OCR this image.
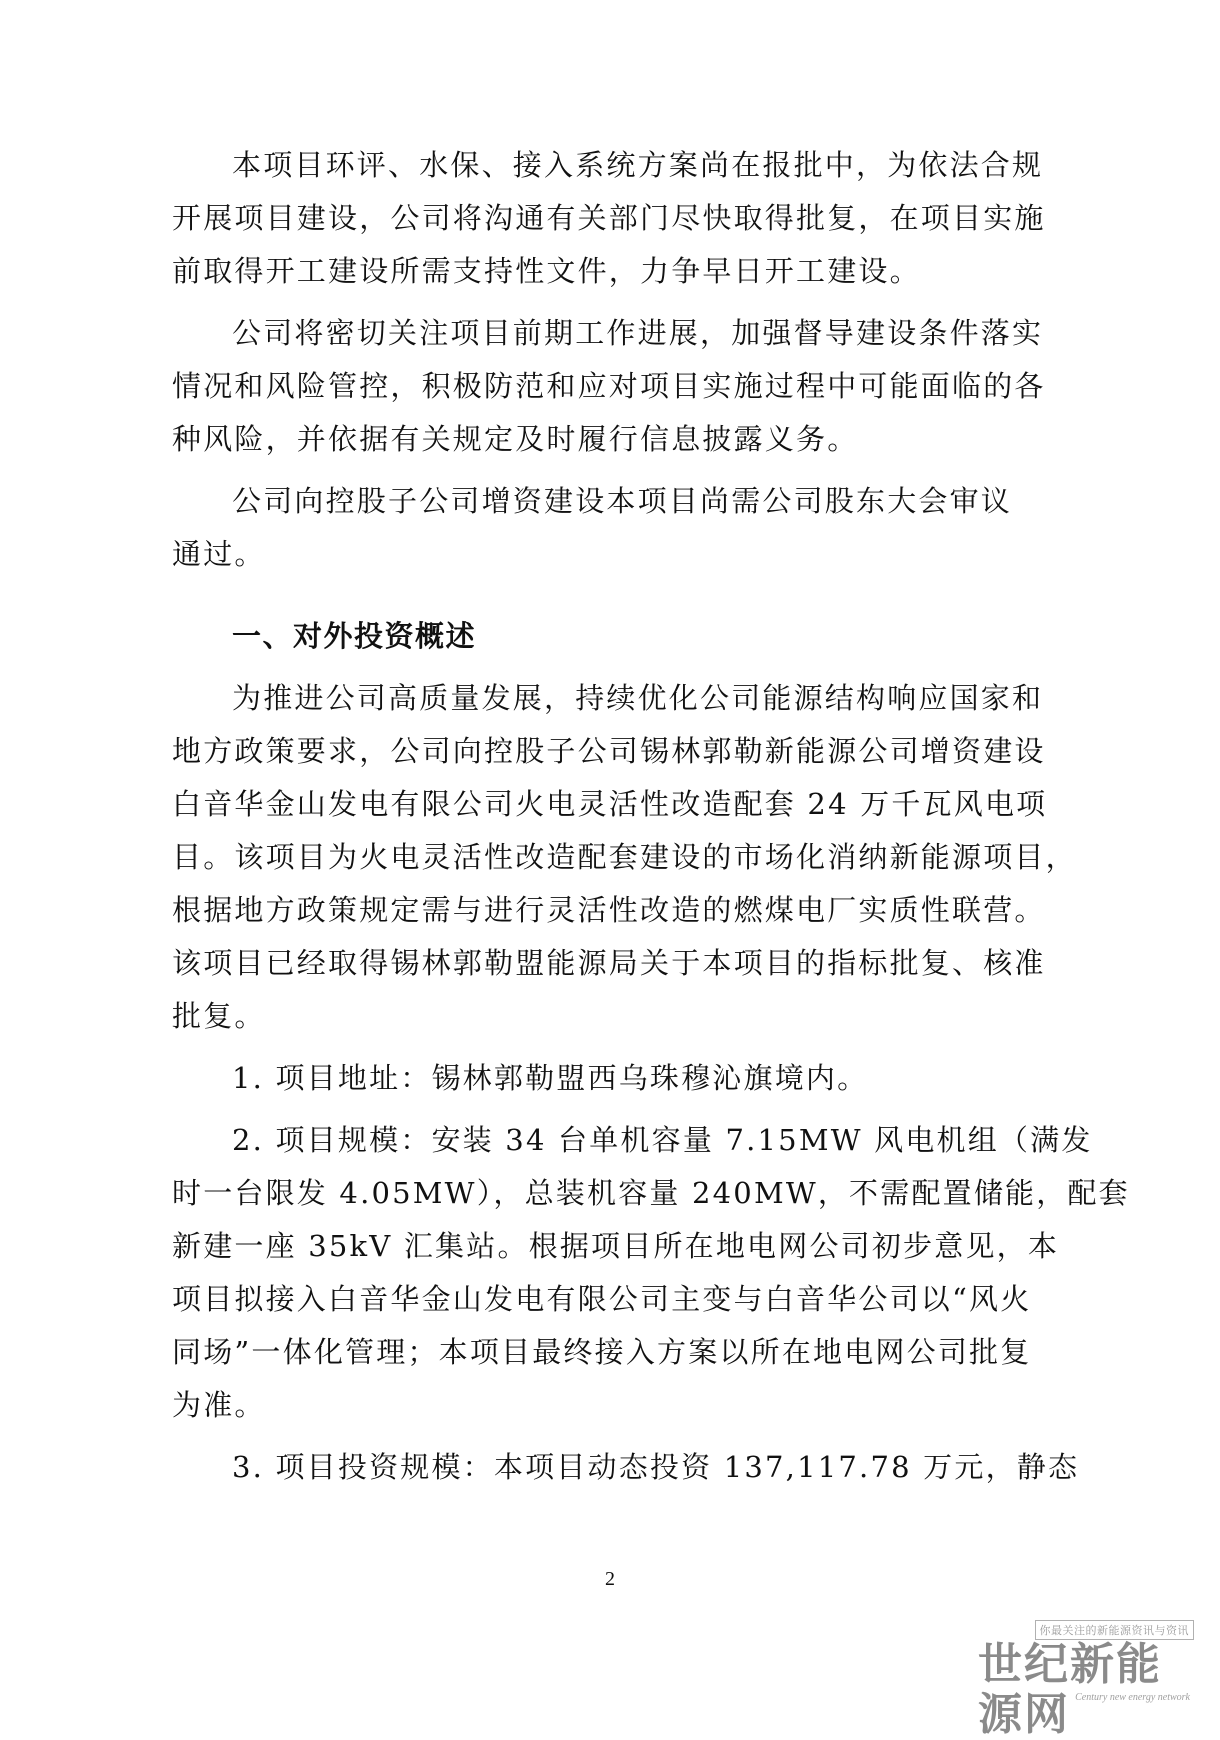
本项目环评、水保、接入系统方案尚在报批中，为依法合规
开展项目建设，公司将沟通有关部门尽快取得批复，在项目实施
前取得开工建设所需支持性文件，力争早日开工建设。
公司将密切关注项目前期工作进展，加强督导建设条件落实
情况和风险管控，积极防范和应对项目实施过程中可能面临的各
种风险，并依据有关规定及时履行信息披露义务。
公司向控股子公司增资建设本项目尚需公司股东大会审议
通过。
一、对外投资概述
为推进公司高质量发展，持续优化公司能源结构响应国家和
地方政策要求，公司向控股子公司锡林郭勒新能源公司增资建设
白音华金山发电有限公司火电灵活性改造配套 24 万千瓦风电项
目。该项目为火电灵活性改造配套建设的市场化消纳新能源项目，
根据地方政策规定需与进行灵活性改造的燃煤电厂实质性联营。
该项目已经取得锡林郭勒盟能源局关于本项目的指标批复、核准
批复。
1. 项目地址：锡林郭勒盟西乌珠穆沁旗境内。
2. 项目规模：安装 34 台单机容量 7.15MW 风电机组（满发
时一台限发 4.05MW），总装机容量 240MW，不需配置储能，配套
新建一座 35kV 汇集站。根据项目所在地电网公司初步意见，本
项目拟接入白音华金山发电有限公司主变与白音华公司以“风火
同场”一体化管理；本项目最终接入方案以所在地电网公司批复
为准。
3. 项目投资规模：本项目动态投资 137,117.78 万元，静态
2
你最关注的新能源资讯与资讯
世纪新能源网 Century new energy network
